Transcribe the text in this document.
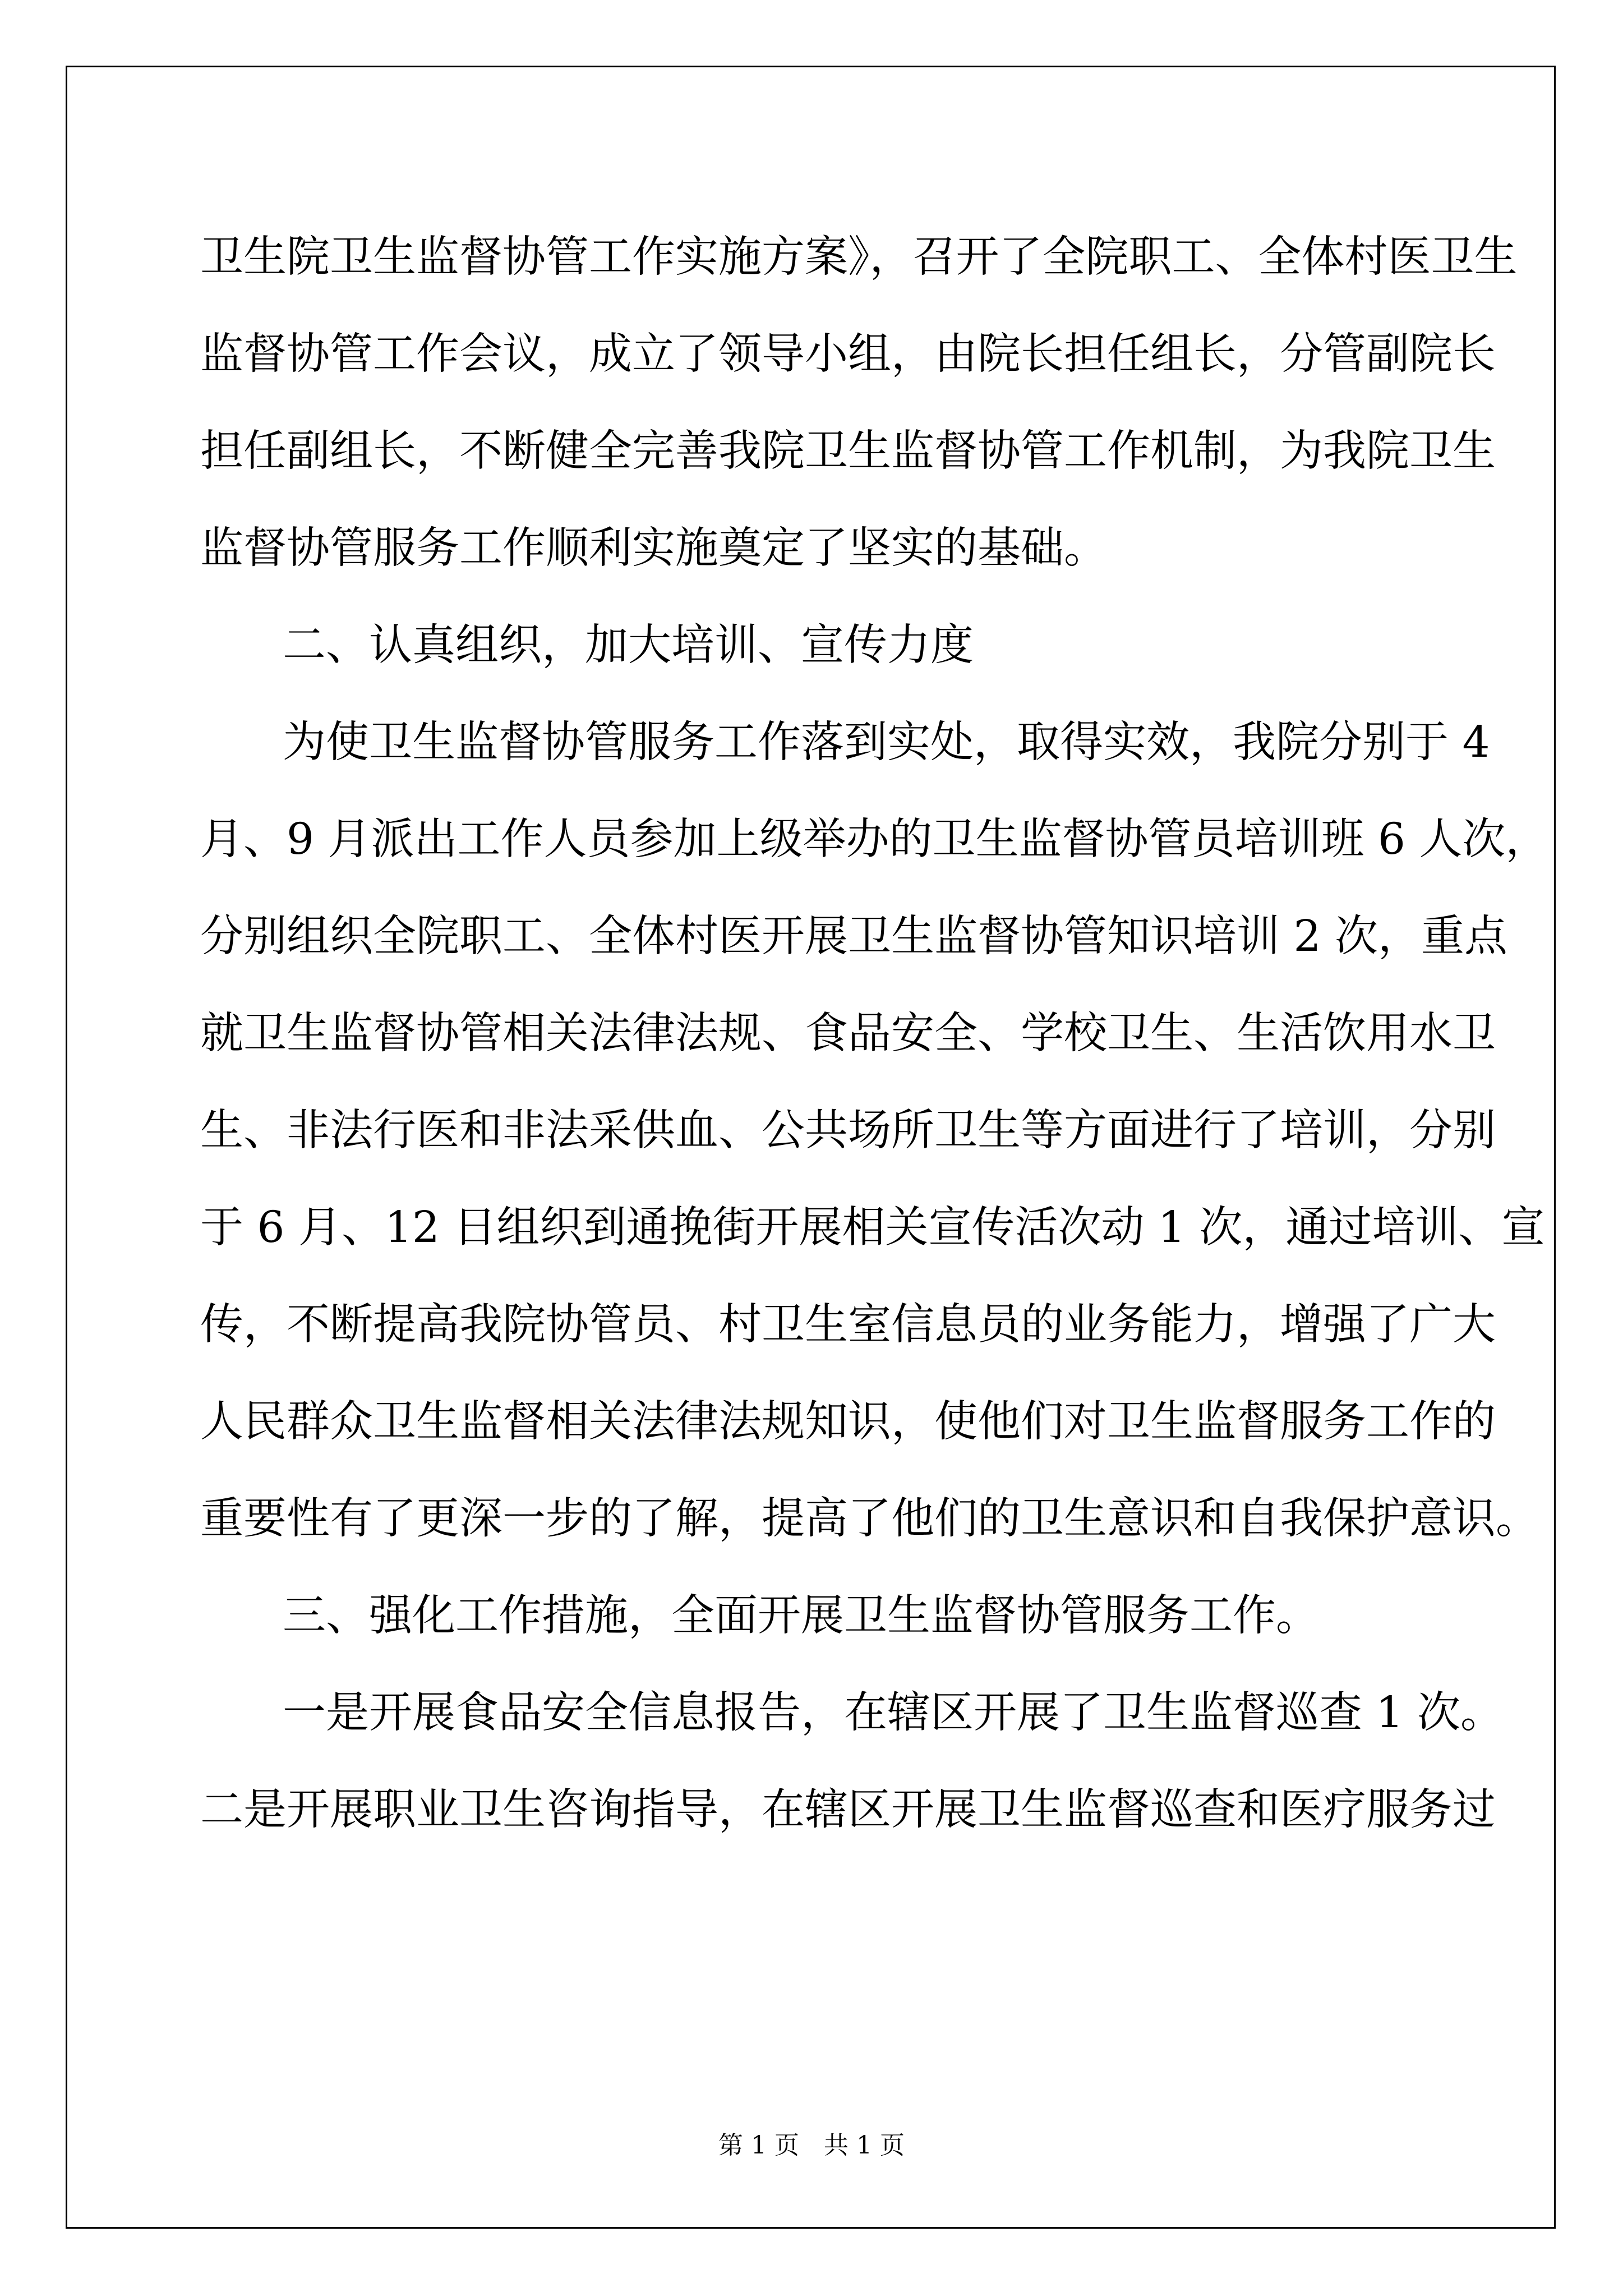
卫生院卫生监督协管工作实施方案》，召开了全院职工、全体村医卫生
监督协管工作会议，成立了领导小组，由院长担任组长，分管副院长
担任副组长，不断健全完善我院卫生监督协管工作机制，为我院卫生
监督协管服务工作顺利实施奠定了坚实的基础。
二、认真组织，加大培训、宣传力度
为使卫生监督协管服务工作落到实处，取得实效，我院分别于 4
月、9 月派出工作人员参加上级举办的卫生监督协管员培训班 6 人次，
分别组织全院职工、全体村医开展卫生监督协管知识培训 2 次，重点
就卫生监督协管相关法律法规、食品安全、学校卫生、生活饮用水卫
生、非法行医和非法采供血、公共场所卫生等方面进行了培训，分别
于 6 月、12 日组织到通挽街开展相关宣传活次动 1 次，通过培训、宣
传，不断提高我院协管员、村卫生室信息员的业务能力，增强了广大
人民群众卫生监督相关法律法规知识，使他们对卫生监督服务工作的
重要性有了更深一步的了解，提高了他们的卫生意识和自我保护意识。
三、强化工作措施，全面开展卫生监督协管服务工作。
一是开展食品安全信息报告，在辖区开展了卫生监督巡查 1 次。
二是开展职业卫生咨询指导，在辖区开展卫生监督巡查和医疗服务过
第 1 页 共 1 页
